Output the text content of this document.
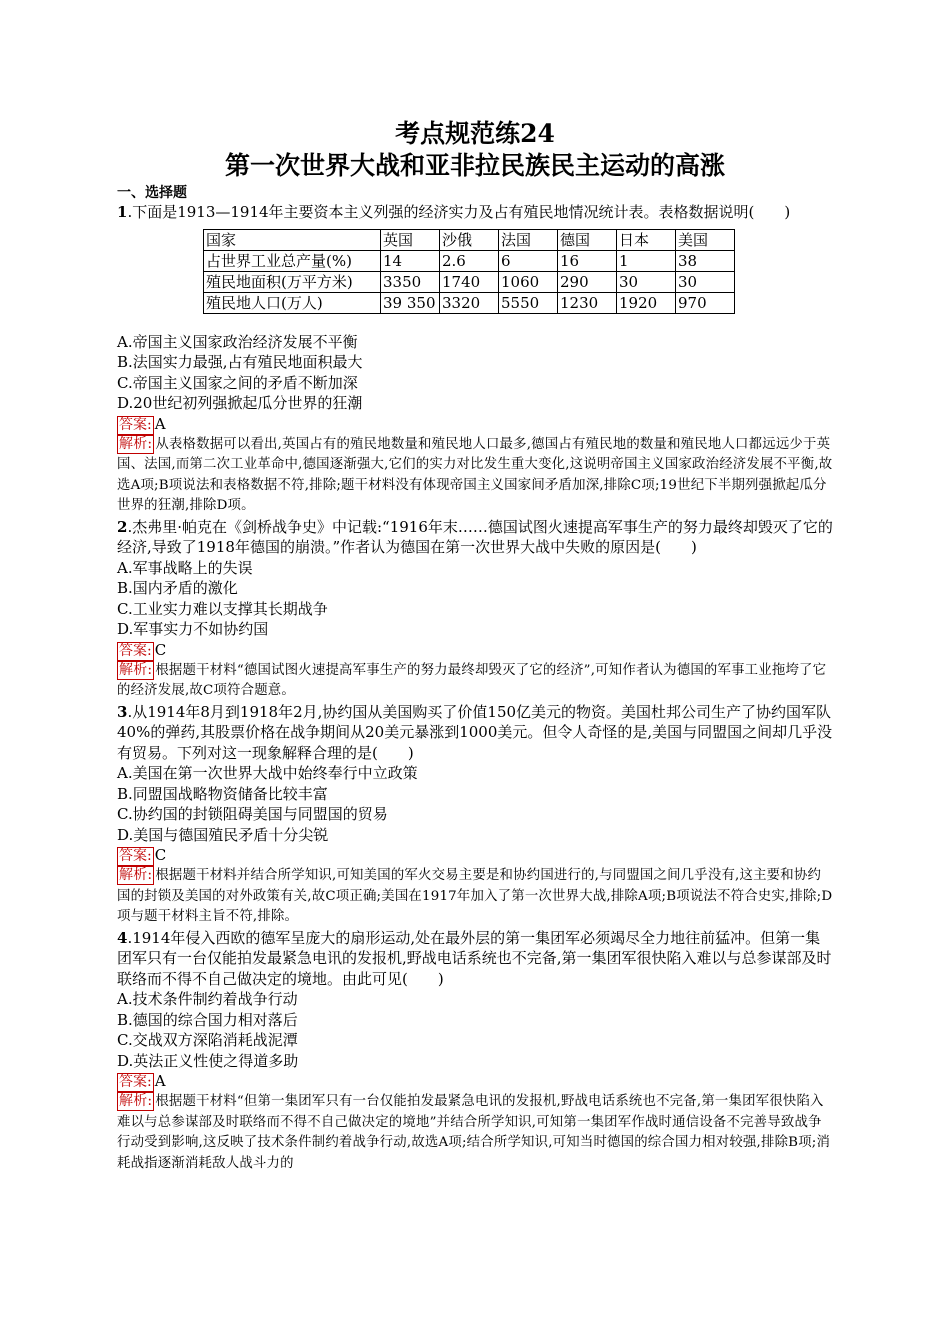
考点规范练24
第一次世界大战和亚非拉民族民主运动的高涨
一、选择题
1.下面是1913—1914年主要资本主义列强的经济实力及占有殖民地情况统计表。表格数据说明(　　)
国家	英国	沙俄	法国	德国	日本	美国
占世界工业总产量(%)	14	2.6	6	16	1	38
殖民地面积(万平方米)	3350	1740	1060	290	30	30
殖民地人口(万人)	39 350	3320	5550	1230	1920	970
A.帝国主义国家政治经济发展不平衡
B.法国实力最强,占有殖民地面积最大
C.帝国主义国家之间的矛盾不断加深
D.20世纪初列强掀起瓜分世界的狂潮
答案: A
解析: 从表格数据可以看出,英国占有的殖民地数量和殖民地人口最多,德国占有殖民地的数量和殖民地人口都远远少于英国、法国,而第二次工业革命中,德国逐渐强大,它们的实力对比发生重大变化,这说明帝国主义国家政治经济发展不平衡,故选A项;B项说法和表格数据不符,排除;题干材料没有体现帝国主义国家间矛盾加深,排除C项;19世纪下半期列强掀起瓜分世界的狂潮,排除D项。
2.杰弗里·帕克在《剑桥战争史》中记载:“1916年末……德国试图火速提高军事生产的努力最终却毁灭了它的经济,导致了1918年德国的崩溃。”作者认为德国在第一次世界大战中失败的原因是(　　)
A.军事战略上的失误
B.国内矛盾的激化
C.工业实力难以支撑其长期战争
D.军事实力不如协约国
答案: C
解析: 根据题干材料“德国试图火速提高军事生产的努力最终却毁灭了它的经济”,可知作者认为德国的军事工业拖垮了它的经济发展,故C项符合题意。
3.从1914年8月到1918年2月,协约国从美国购买了价值150亿美元的物资。美国杜邦公司生产了协约国军队40%的弹药,其股票价格在战争期间从20美元暴涨到1000美元。但令人奇怪的是,美国与同盟国之间却几乎没有贸易。下列对这一现象解释合理的是(　　)
A.美国在第一次世界大战中始终奉行中立政策
B.同盟国战略物资储备比较丰富
C.协约国的封锁阻碍美国与同盟国的贸易
D.美国与德国殖民矛盾十分尖锐
答案: C
解析: 根据题干材料并结合所学知识,可知美国的军火交易主要是和协约国进行的,与同盟国之间几乎没有,这主要和协约国的封锁及美国的对外政策有关,故C项正确;美国在1917年加入了第一次世界大战,排除A项;B项说法不符合史实,排除;D项与题干材料主旨不符,排除。
4.1914年侵入西欧的德军呈庞大的扇形运动,处在最外层的第一集团军必须竭尽全力地往前猛冲。但第一集团军只有一台仅能拍发最紧急电讯的发报机,野战电话系统也不完备,第一集团军很快陷入难以与总参谋部及时联络而不得不自己做决定的境地。由此可见(　　)
A.技术条件制约着战争行动
B.德国的综合国力相对落后
C.交战双方深陷消耗战泥潭
D.英法正义性使之得道多助
答案: A
解析: 根据题干材料“但第一集团军只有一台仅能拍发最紧急电讯的发报机,野战电话系统也不完备,第一集团军很快陷入难以与总参谋部及时联络而不得不自己做决定的境地”并结合所学知识,可知第一集团军作战时通信设备不完善导致战争行动受到影响,这反映了技术条件制约着战争行动,故选A项;结合所学知识,可知当时德国的综合国力相对较强,排除B项;消耗战指逐渐消耗敌人战斗力的
